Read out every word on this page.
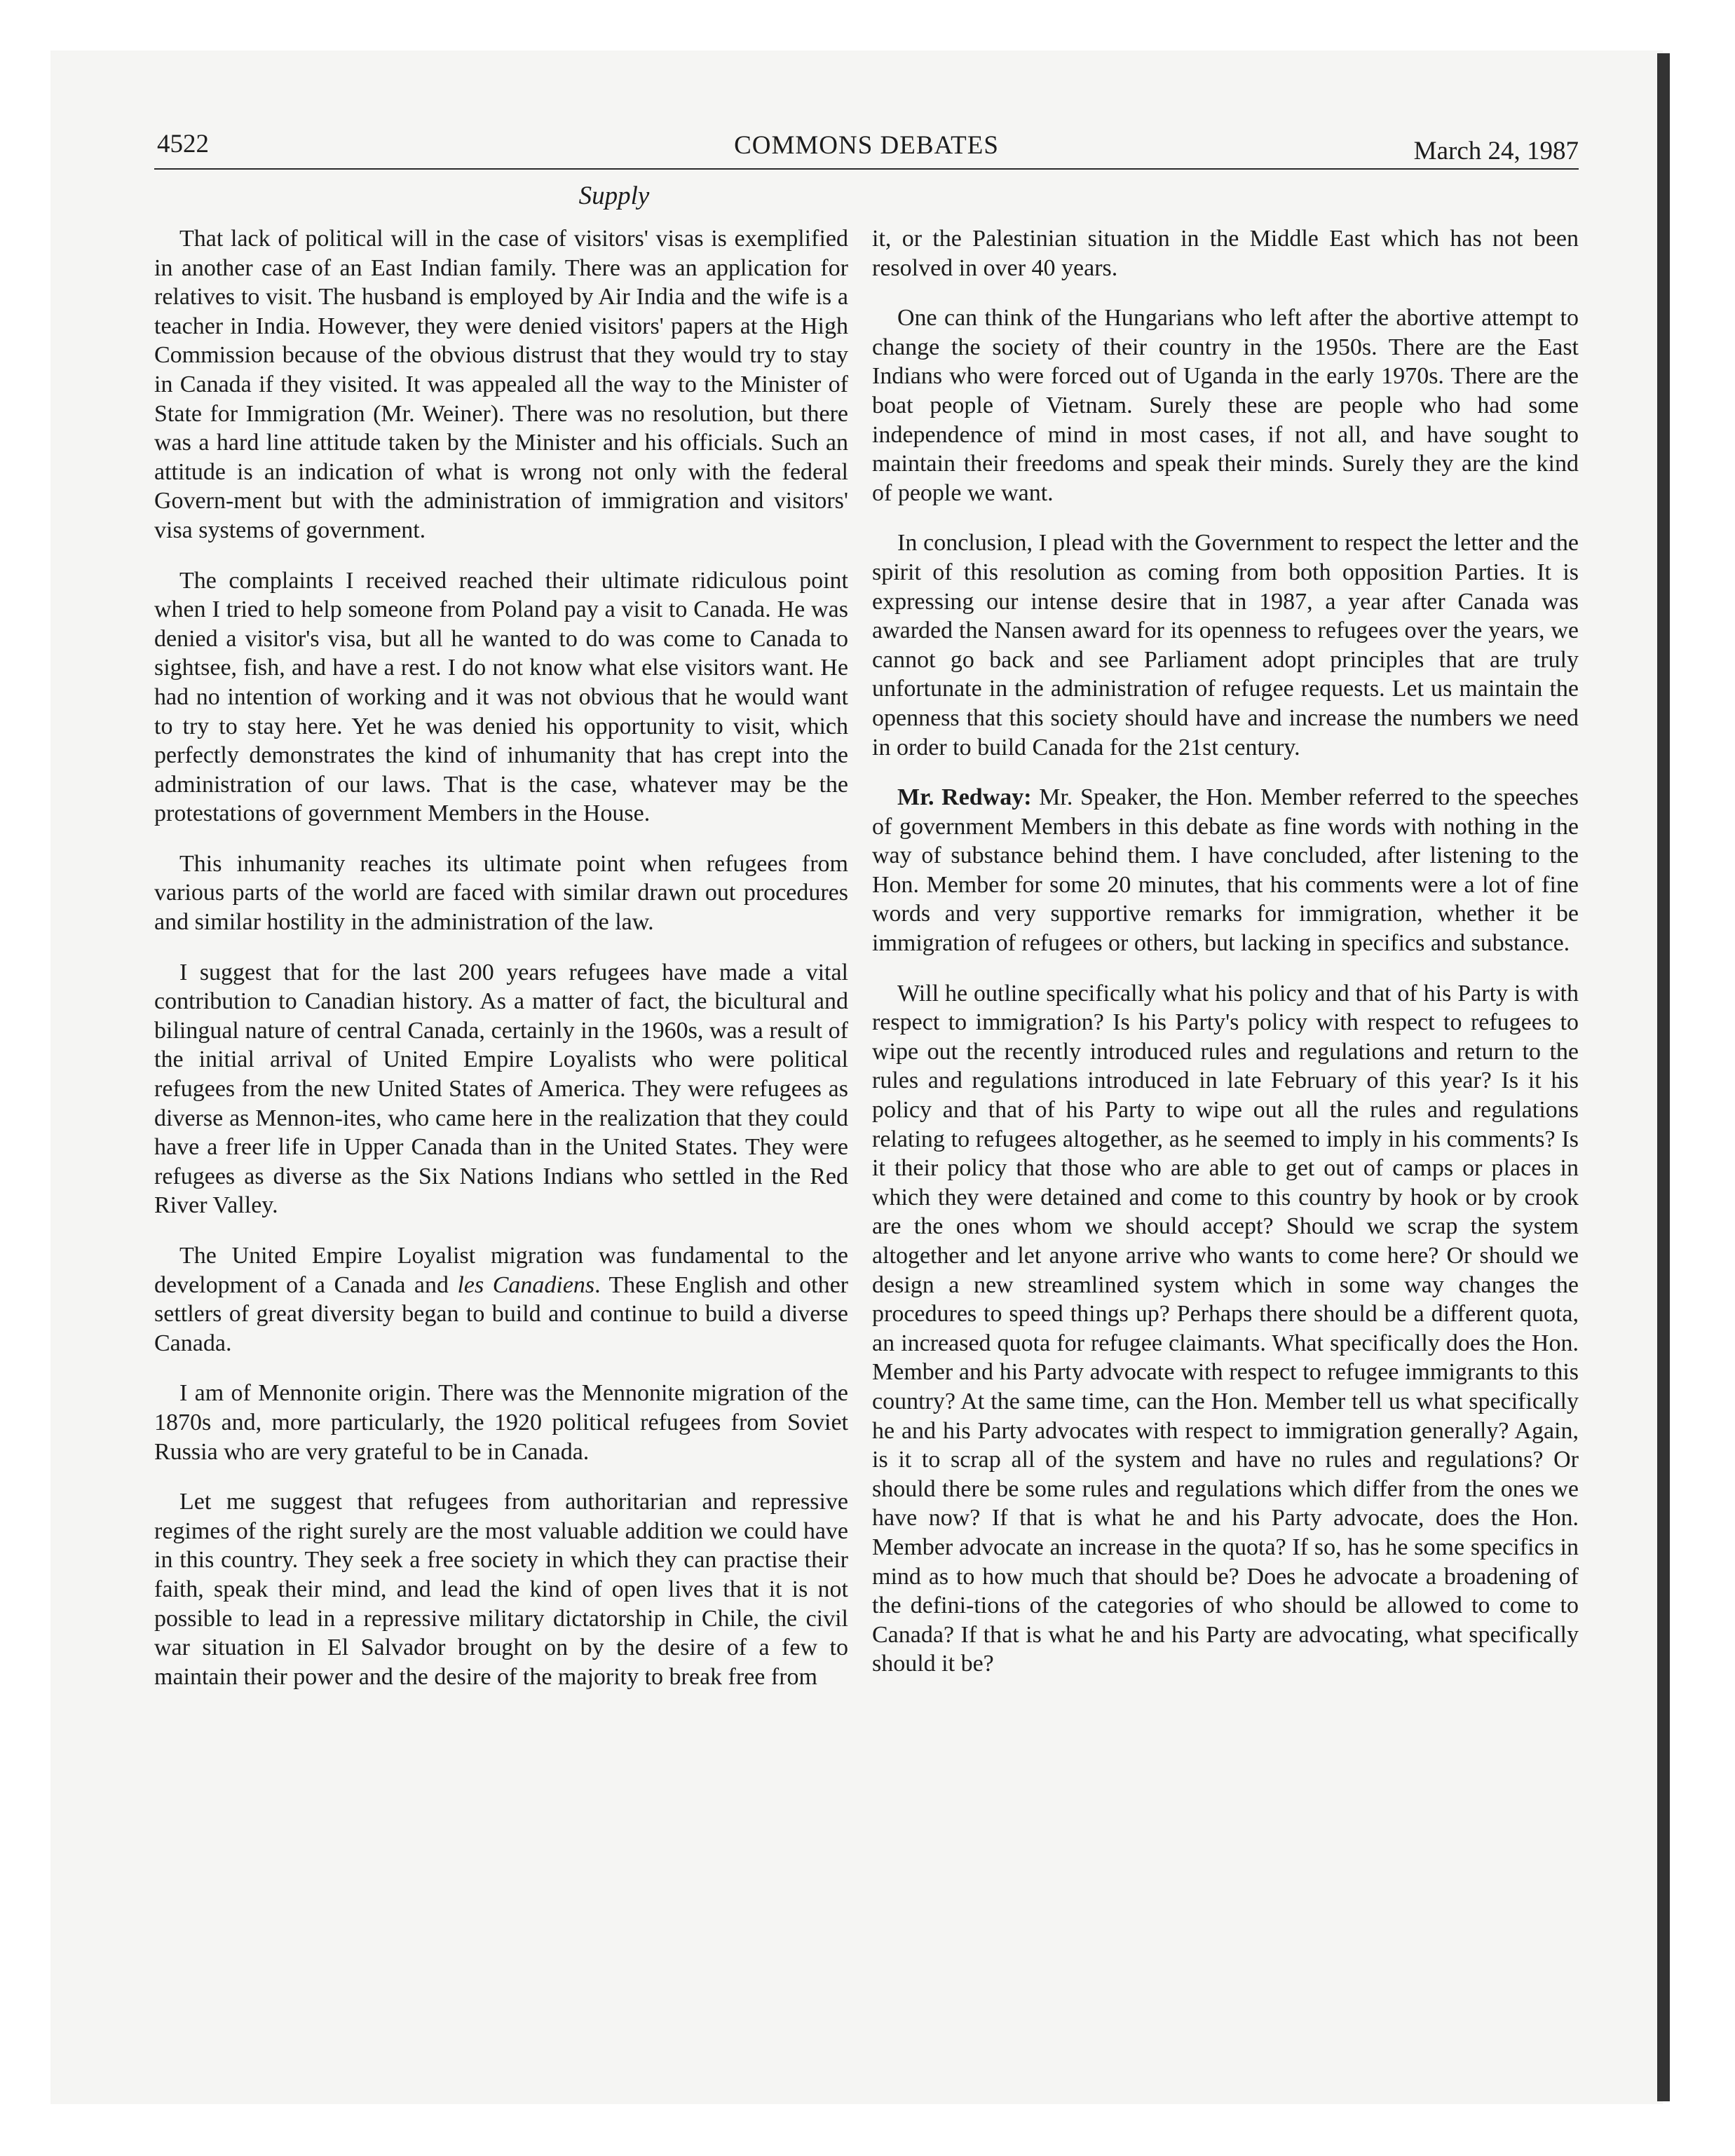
4522	COMMONS DEBATES	March 24, 1987
Supply

That lack of political will in the case of visitors' visas is exemplified in another case of an East Indian family. There was an application for relatives to visit. The husband is employed by Air India and the wife is a teacher in India. However, they were denied visitors' papers at the High Commission because of the obvious distrust that they would try to stay in Canada if they visited. It was appealed all the way to the Minister of State for Immigration (Mr. Weiner). There was no resolution, but there was a hard line attitude taken by the Minister and his officials. Such an attitude is an indication of what is wrong not only with the federal Govern-ment but with the administration of immigration and visitors' visa systems of government.

The complaints I received reached their ultimate ridiculous point when I tried to help someone from Poland pay a visit to Canada. He was denied a visitor's visa, but all he wanted to do was come to Canada to sightsee, fish, and have a rest. I do not know what else visitors want. He had no intention of working and it was not obvious that he would want to try to stay here. Yet he was denied his opportunity to visit, which perfectly demonstrates the kind of inhumanity that has crept into the administration of our laws. That is the case, whatever may be the protestations of government Members in the House.

This inhumanity reaches its ultimate point when refugees from various parts of the world are faced with similar drawn out procedures and similar hostility in the administration of the law.

I suggest that for the last 200 years refugees have made a vital contribution to Canadian history. As a matter of fact, the bicultural and bilingual nature of central Canada, certainly in the 1960s, was a result of the initial arrival of United Empire Loyalists who were political refugees from the new United States of America. They were refugees as diverse as Mennon-ites, who came here in the realization that they could have a freer life in Upper Canada than in the United States. They were refugees as diverse as the Six Nations Indians who settled in the Red River Valley.

The United Empire Loyalist migration was fundamental to the development of a Canada and les Canadiens. These English and other settlers of great diversity began to build and continue to build a diverse Canada.

I am of Mennonite origin. There was the Mennonite migration of the 1870s and, more particularly, the 1920 political refugees from Soviet Russia who are very grateful to be in Canada.

Let me suggest that refugees from authoritarian and repressive regimes of the right surely are the most valuable addition we could have in this country. They seek a free society in which they can practise their faith, speak their mind, and lead the kind of open lives that it is not possible to lead in a repressive military dictatorship in Chile, the civil war situation in El Salvador brought on by the desire of a few to maintain their power and the desire of the majority to break free from

it, or the Palestinian situation in the Middle East which has not been resolved in over 40 years.

One can think of the Hungarians who left after the abortive attempt to change the society of their country in the 1950s. There are the East Indians who were forced out of Uganda in the early 1970s. There are the boat people of Vietnam. Surely these are people who had some independence of mind in most cases, if not all, and have sought to maintain their freedoms and speak their minds. Surely they are the kind of people we want.

In conclusion, I plead with the Government to respect the letter and the spirit of this resolution as coming from both opposition Parties. It is expressing our intense desire that in 1987, a year after Canada was awarded the Nansen award for its openness to refugees over the years, we cannot go back and see Parliament adopt principles that are truly unfortunate in the administration of refugee requests. Let us maintain the openness that this society should have and increase the numbers we need in order to build Canada for the 21st century.

Mr. Redway: Mr. Speaker, the Hon. Member referred to the speeches of government Members in this debate as fine words with nothing in the way of substance behind them. I have concluded, after listening to the Hon. Member for some 20 minutes, that his comments were a lot of fine words and very supportive remarks for immigration, whether it be immigration of refugees or others, but lacking in specifics and substance.

Will he outline specifically what his policy and that of his Party is with respect to immigration? Is his Party's policy with respect to refugees to wipe out the recently introduced rules and regulations and return to the rules and regulations introduced in late February of this year? Is it his policy and that of his Party to wipe out all the rules and regulations relating to refugees altogether, as he seemed to imply in his comments? Is it their policy that those who are able to get out of camps or places in which they were detained and come to this country by hook or by crook are the ones whom we should accept? Should we scrap the system altogether and let anyone arrive who wants to come here? Or should we design a new streamlined system which in some way changes the procedures to speed things up? Perhaps there should be a different quota, an increased quota for refugee claimants. What specifically does the Hon. Member and his Party advocate with respect to refugee immigrants to this country? At the same time, can the Hon. Member tell us what specifically he and his Party advocates with respect to immigration generally? Again, is it to scrap all of the system and have no rules and regulations? Or should there be some rules and regulations which differ from the ones we have now? If that is what he and his Party advocate, does the Hon. Member advocate an increase in the quota? If so, has he some specifics in mind as to how much that should be? Does he advocate a broadening of the defini-tions of the categories of who should be allowed to come to Canada? If that is what he and his Party are advocating, what specifically should it be?
